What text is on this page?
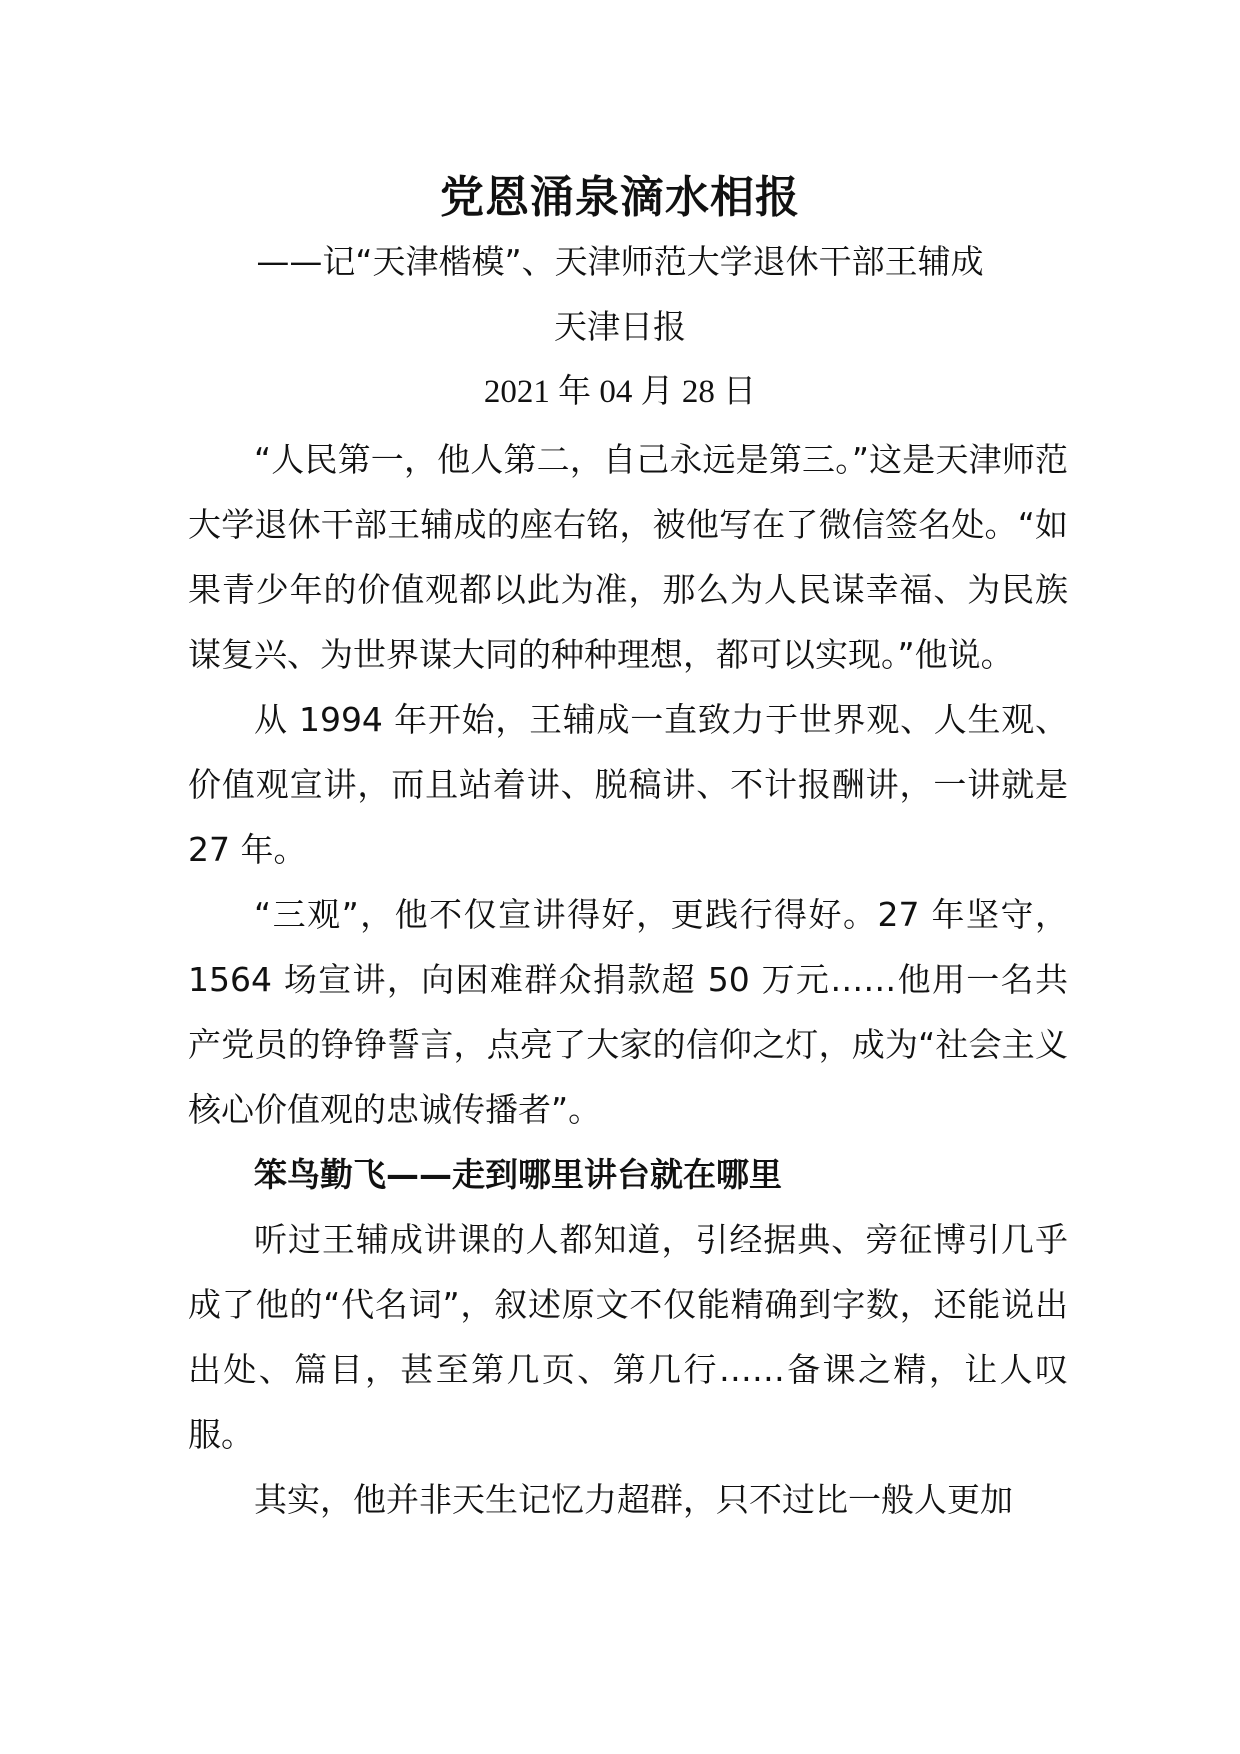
党恩涌泉滴水相报
——记“天津楷模”、天津师范大学退休干部王辅成
天津日报
2021 年 04 月 28 日

“人民第一，他人第二，自己永远是第三。”这是天津师范大学退休干部王辅成的座右铭，被他写在了微信签名处。“如果青少年的价值观都以此为准，那么为人民谋幸福、为民族谋复兴、为世界谋大同的种种理想，都可以实现。”他说。

从 1994 年开始，王辅成一直致力于世界观、人生观、价值观宣讲，而且站着讲、脱稿讲、不计报酬讲，一讲就是 27 年。

“三观”，他不仅宣讲得好，更践行得好。27 年坚守，1564 场宣讲，向困难群众捐款超 50 万元……他用一名共产党员的铮铮誓言，点亮了大家的信仰之灯，成为“社会主义核心价值观的忠诚传播者”。

笨鸟勤飞——走到哪里讲台就在哪里

听过王辅成讲课的人都知道，引经据典、旁征博引几乎成了他的“代名词”，叙述原文不仅能精确到字数，还能说出出处、篇目，甚至第几页、第几行……备课之精，让人叹服。

其实，他并非天生记忆力超群，只不过比一般人更加
